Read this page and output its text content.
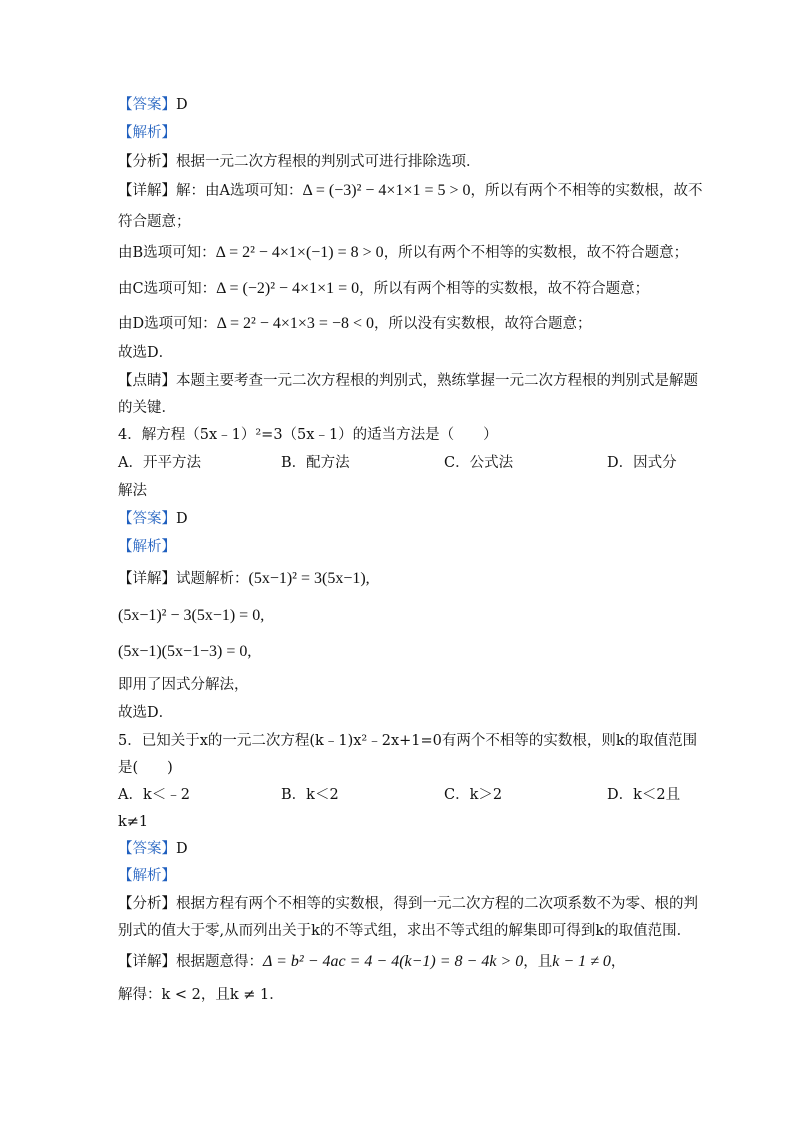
【答案】D
【解析】
【分析】根据一元二次方程根的判别式可进行排除选项．
【详解】解：由A选项可知：Δ = (−3)² − 4×1×1 = 5 > 0，所以有两个不相等的实数根，故不
符合题意；
由B选项可知：Δ = 2² − 4×1×(−1) = 8 > 0，所以有两个不相等的实数根，故不符合题意；
由C选项可知：Δ = (−2)² − 4×1×1 = 0，所以有两个相等的实数根，故不符合题意；
由D选项可知：Δ = 2² − 4×1×3 = −8 < 0，所以没有实数根，故符合题意；
故选D．
【点睛】本题主要考查一元二次方程根的判别式，熟练掌握一元二次方程根的判别式是解题
的关键．
4．解方程（5x﹣1）²=3（5x﹣1）的适当方法是（　　）
A．开平方法	B．配方法	C．公式法	D．因式分
解法
【答案】D
【解析】
【详解】试题解析：(5x−1)² = 3(5x−1),
(5x−1)² − 3(5x−1) = 0,
(5x−1)(5x−1−3) = 0,
即用了因式分解法，
故选D．
5．已知关于x的一元二次方程(k﹣1)x²﹣2x+1=0有两个不相等的实数根，则k的取值范围
是(　　)
A．k＜﹣2	B．k＜2	C．k＞2	D．k＜2且
k≠1
【答案】D
【解析】
【分析】根据方程有两个不相等的实数根，得到一元二次方程的二次项系数不为零、根的判
别式的值大于零,从而列出关于k的不等式组，求出不等式组的解集即可得到k的取值范围．
【详解】根据题意得：Δ = b² − 4ac = 4 − 4(k−1) = 8 − 4k > 0，且k − 1 ≠ 0，
解得：k < 2，且k ≠ 1．
